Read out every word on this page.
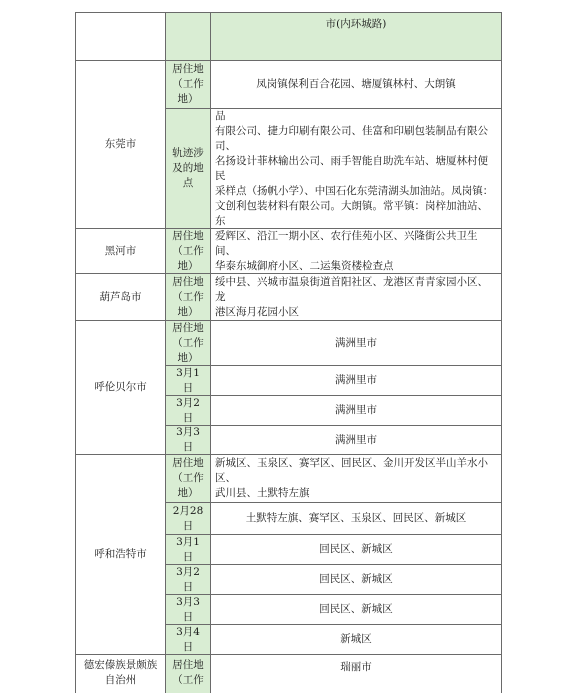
市(内环城路)
东莞市
居住地
（工作
地）
凤岗镇保利百合花园、塘厦镇林村、大朗镇
轨迹涉
及的地
点

品
有限公司、捷力印刷有限公司、佳富和印刷包装制品有限公司、
名扬设计菲林输出公司、雨手智能自助洗车站、塘厦林村便民
采样点（扬帆小学）、中国石化东莞清湖头加油站。凤岗镇：
文创利包装材料有限公司。大朗镇。常平镇：岗梓加油站、东

黑河市
居住地
（工作
地）
爱辉区、沿江一期小区、农行佳苑小区、兴隆街公共卫生间、
华泰东城御府小区、二运集资楼检查点
葫芦岛市
居住地
（工作
地）
绥中县、兴城市温泉街道首阳社区、龙港区青青家园小区、龙
港区海月花园小区
呼伦贝尔市
居住地
（工作
地）
满洲里市
3月1
日
满洲里市
3月2
日
满洲里市
3月3
日
满洲里市
呼和浩特市
居住地
（工作
地）
新城区、玉泉区、赛罕区、回民区、金川开发区半山羊水小区、
武川县、土默特左旗
2月28
日
土默特左旗、赛罕区、玉泉区、回民区、新城区
3月1
日
回民区、新城区
3月2
日
回民区、新城区
3月3
日
回民区、新城区
3月4
日
新城区
德宏傣族景颇族
自治州
居住地
（工作
瑞丽市
